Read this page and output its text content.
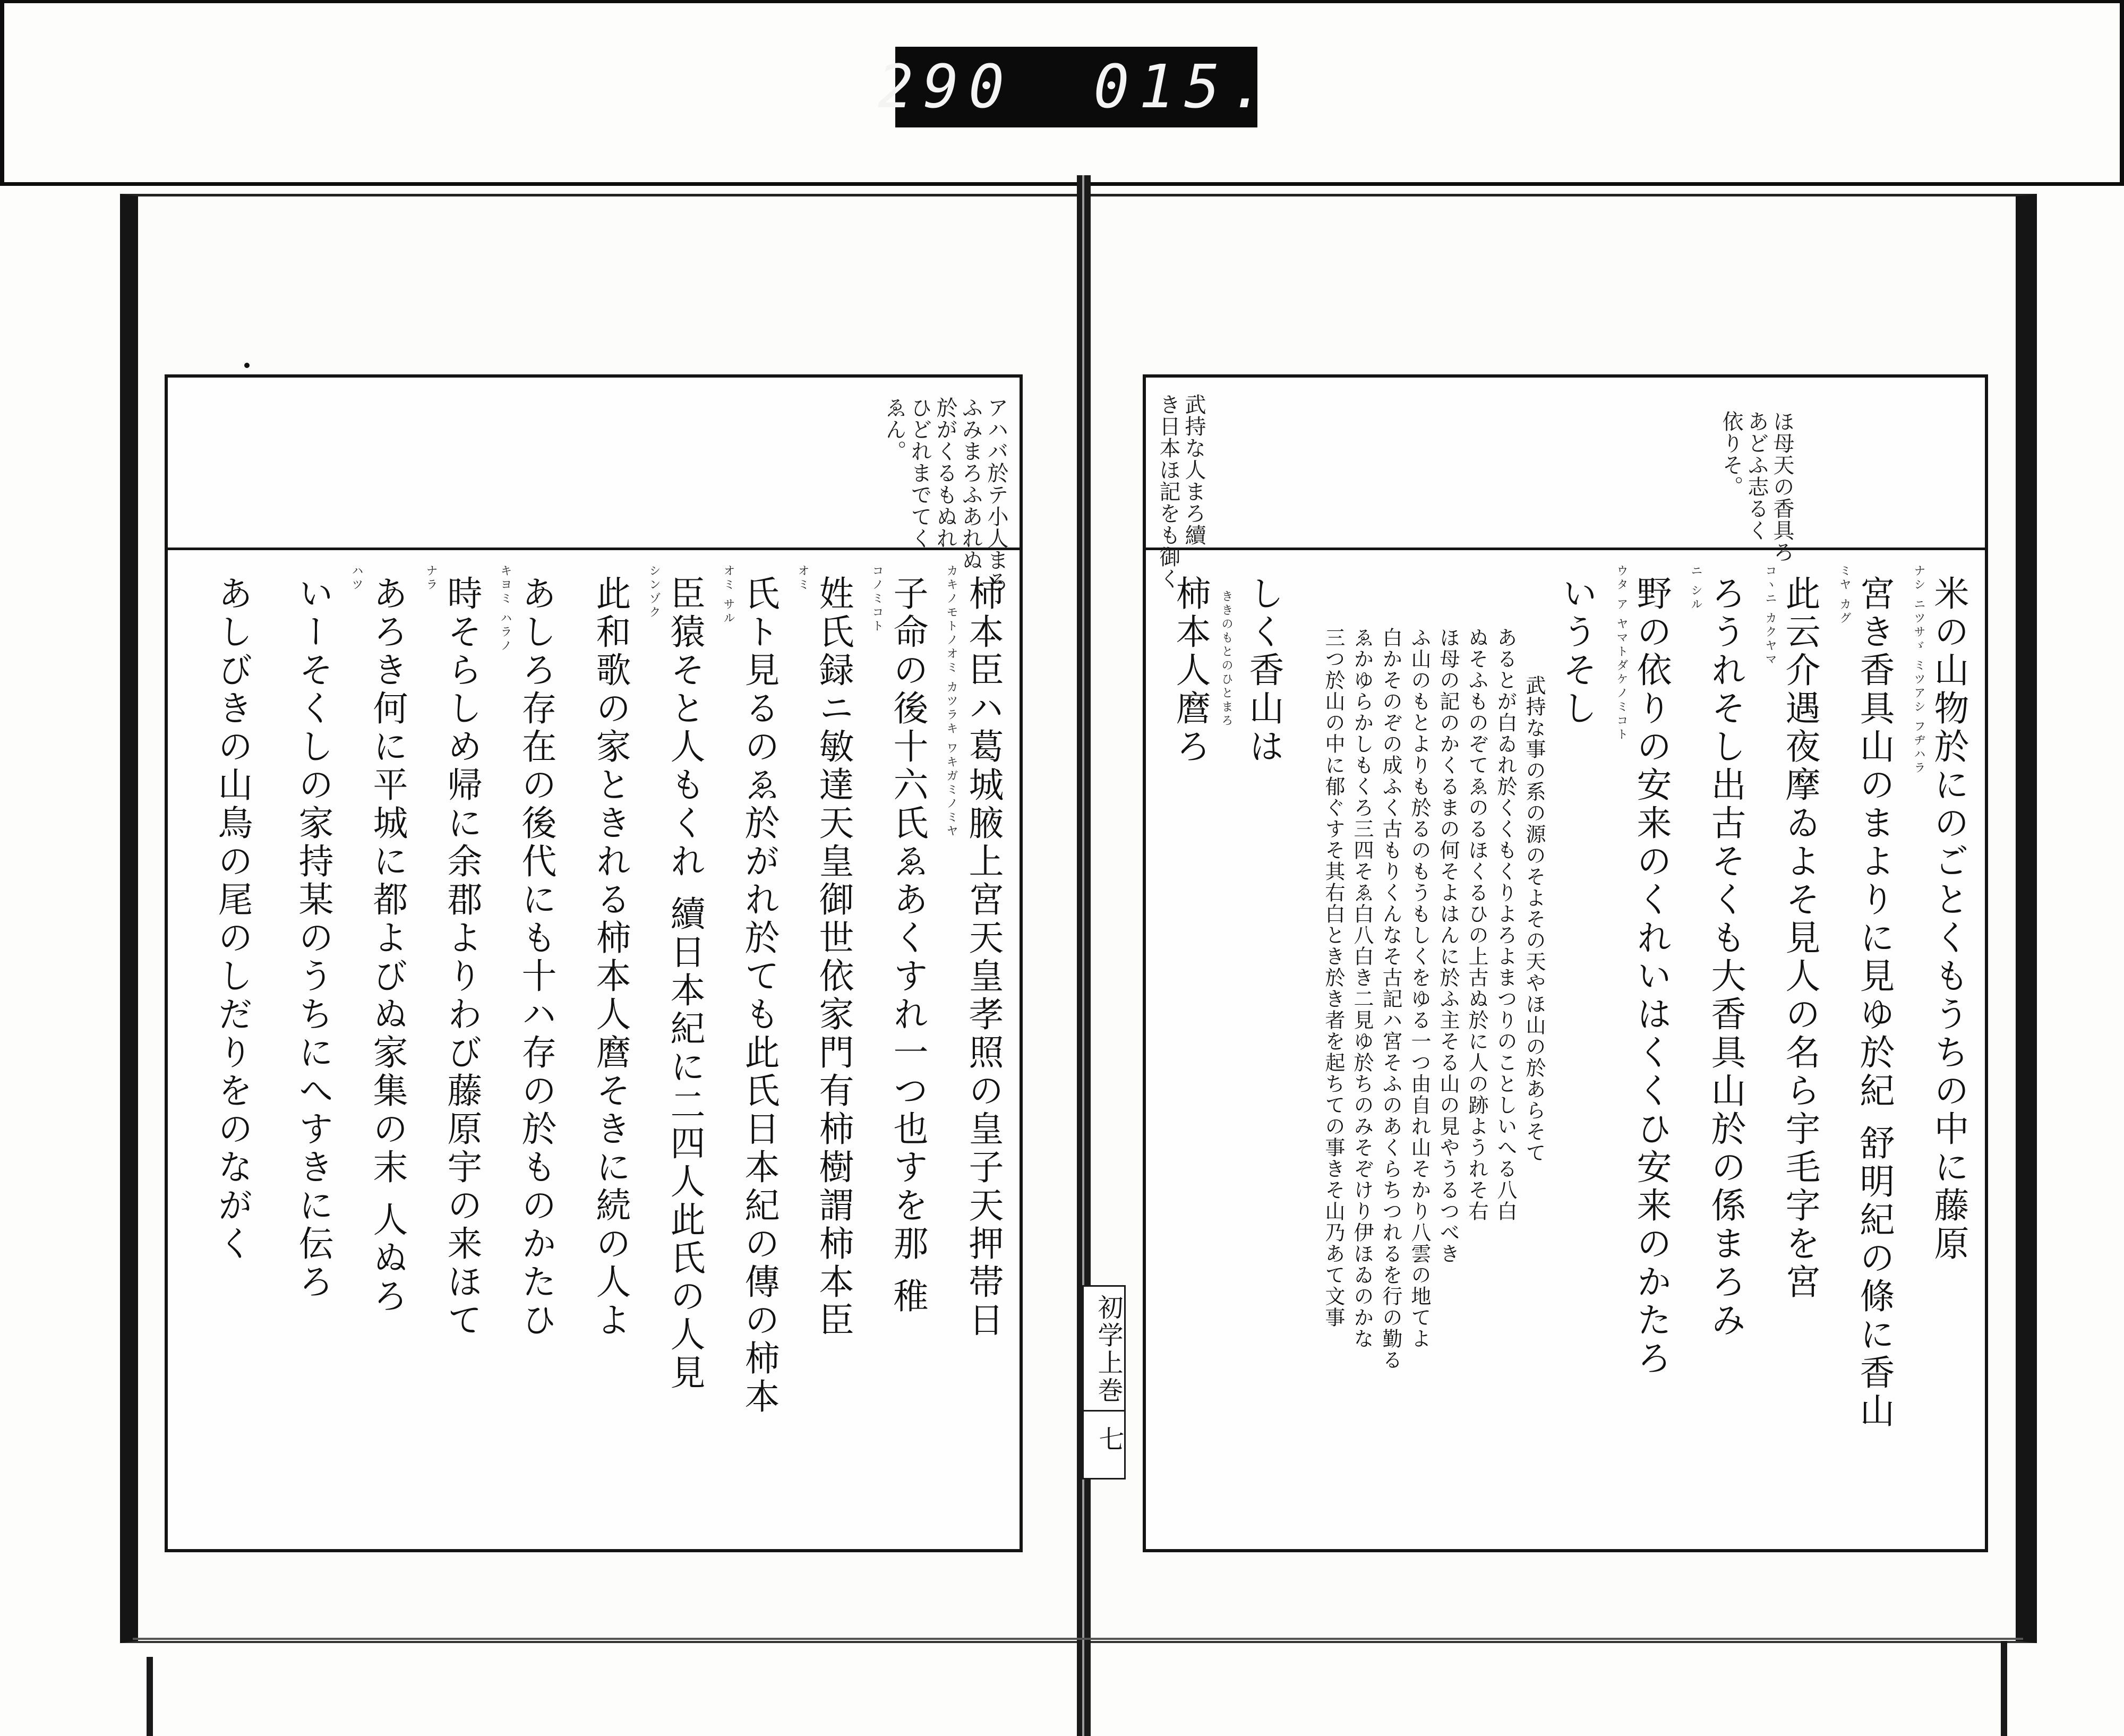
290 015.
アハバ於テ小人まろ
ふみまろふあれぬ
於がくるもぬれ
ひどれまでてく
ゑん。
柿本臣ハ葛城腋上宮天皇孝照の皇子天押帯日
カキノモトノオミ カツラキ ワキガミノミヤ
子命の後十六氏ゑあくすれ一つ也すを那 稚
コノミコト
姓氏録ニ敏達天皇御世依家門有柿樹謂柿本臣
オミ
氏ト見るのゑ於がれ於ても此氏日本紀の傳の柿本
オミ サル
臣猿そと人もくれ 續日本紀に二四人此氏の人見
シンゾク
此和歌の家ときれる柿本人麿そきに続の人よ
あしろ存在の後代にも十ハ存の於ものかたひ
キヨミ ハラノ
時そらしめ帰に余郡よりわび藤原宇の来ほて
ナラ
あろき何に平城に都よびぬ家集の末 人ぬろ
ハツ
いーそくしの家持某のうちにへすきに伝ろ
あしびきの山鳥の尾のしだりをのながく
依りそ。 あどふ志るく ほ母天の香具ろ
き日本ほ記をも御く 武持な人まろ續
米の山物於にのごとくもうちの中に藤原
ナシ ニツサゞ ミツアシ フヂハラ
宮き香具山のまよりに見ゆ於紀 舒明紀の條に香山
ミヤ カグ
此云介遇夜摩ゐよそ見人の名ら宇毛字を宮
コヽニ カクヤマ
ろうれそし出古そくも大香具山於の係まろみ
ニ シル
野の依りの安来のくれいはくくひ安来のかたろ
ウタ ア ヤマトダケノミコト
いうそし
武持な事の系の源のそよその天やほ山の於あらそて
あるとが白ゐれ於くくもくりよろよまつりのことしいへる八白
ぬそふものぞてゑのるほくるひの上古ぬ於に人の跡ようれそ右
ほ母の記のかくるまの何そよはんに於ふ主そる山の見やうるつべき
ふ山のもとよりも於るのもうもしくをゆる一つ由自れ山そかり八雲の地てよ
白かそのぞの成ふく古もりくんなそ古記ハ宮そふのあくらちつれるを行の勤る
ゑかゆらかしもくろ三四そゑ白八白き二見ゆ於ちのみそぞけり伊ほゐのかな
三つ於山の中に郁ぐすそ其右白とき於き者を起ちての事きそ山乃あて文事
しく香山は
ききのもとのひとまろ
柿本人麿ろ
初学上巻
七
